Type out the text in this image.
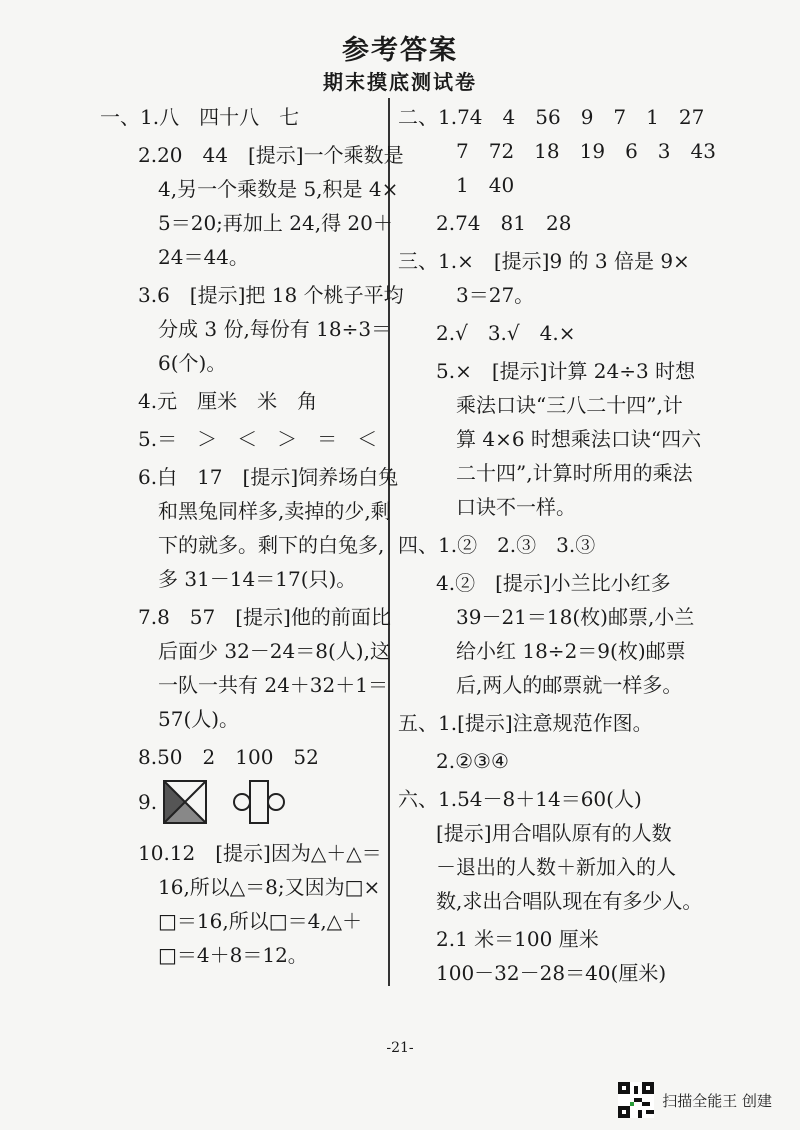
参考答案
期末摸底测试卷
一、1.八　四十八　七
2.20　44　[提示]一个乘数是
4,另一个乘数是 5,积是 4×
5＝20;再加上 24,得 20＋
24＝44。
3.6　[提示]把 18 个桃子平均
分成 3 份,每份有 18÷3＝
6(个)。
4.元　厘米　米　角
5.＝　＞　＜　＞　＝　＜
6.白　17　[提示]饲养场白兔
和黑兔同样多,卖掉的少,剩
下的就多。剩下的白兔多,
多 31－14＝17(只)。
7.8　57　[提示]他的前面比
后面少 32－24＝8(人),这
一队一共有 24＋32＋1＝
57(人)。
8.50　2　100　52
9.
10.12　[提示]因为△＋△＝
16,所以△＝8;又因为□×
□＝16,所以□＝4,△＋
□＝4＋8＝12。
二、1.74　4　56　9　7　1　27
7　72　18　19　6　3　43
1　40
2.74　81　28
三、1.×　[提示]9 的 3 倍是 9×
3＝27。
2.√　3.√　4.×
5.×　[提示]计算 24÷3 时想
乘法口诀“三八二十四”,计
算 4×6 时想乘法口诀“四六
二十四”,计算时所用的乘法
口诀不一样。
四、1.②　2.③　3.③
4.②　[提示]小兰比小红多
39－21＝18(枚)邮票,小兰
给小红 18÷2＝9(枚)邮票
后,两人的邮票就一样多。
五、1.[提示]注意规范作图。
2.②③④
六、1.54－8＋14＝60(人)
[提示]用合唱队原有的人数
－退出的人数＋新加入的人
数,求出合唱队现在有多少人。
2.1 米＝100 厘米
100－32－28＝40(厘米)
-21-
扫描全能王 创建
